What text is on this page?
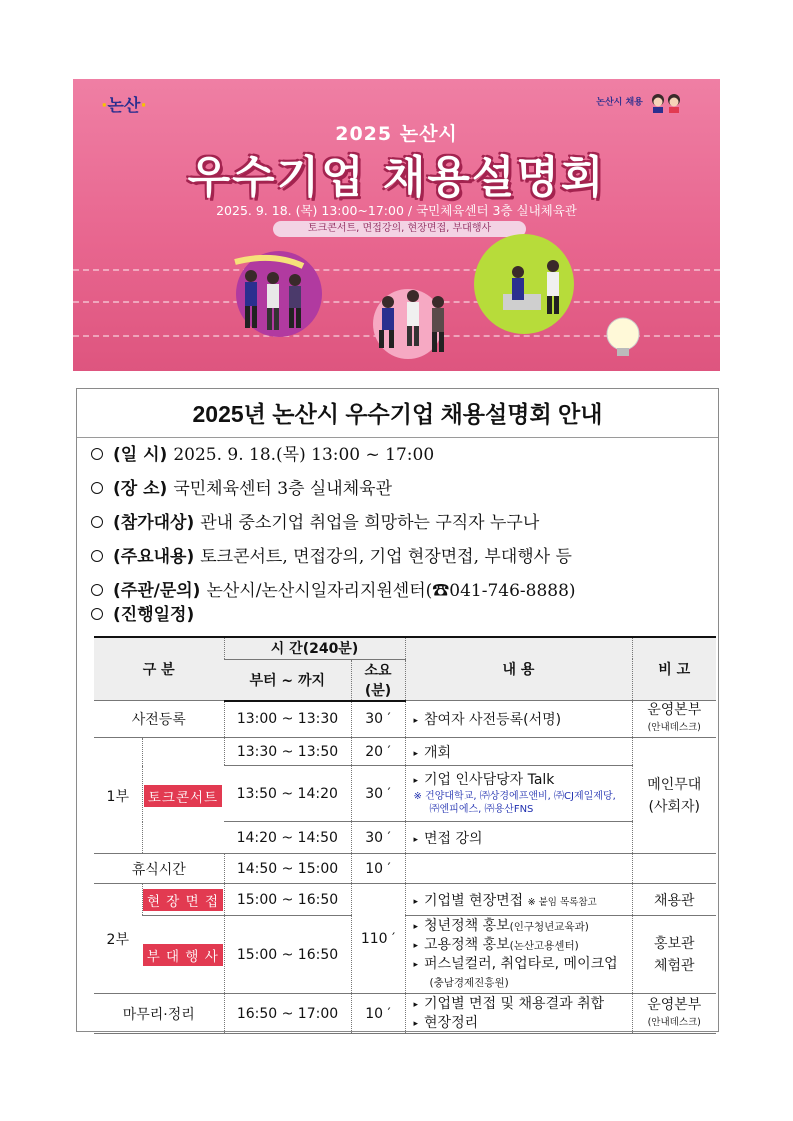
·논산·	논산시 채용
2025 논산시
우수기업 채용설명회
2025. 9. 18. (목) 13:00~17:00 / 국민체육센터 3층 실내체육관
토크콘서트, 면접강의, 현장면접, 부대행사
2025년 논산시 우수기업 채용설명회 안내
(일 시) 2025. 9. 18.(목) 13:00 ~ 17:00
(장 소) 국민체육센터 3층 실내체육관
(참가대상) 관내 중소기업 취업을 희망하는 구직자 누구나
(주요내용) 토크콘서트, 면접강의, 기업 현장면접, 부대행사 등
(주관/문의) 논산시/논산시일자리지원센터(☎041-746-8888)
(진행일정)
구 분		시 간(240분)		내 용	비 고
		부터 ~ 까지	소요(분)		
사전등록		13:00 ~ 13:30	30 ′	▸ 참여자 사전등록(서명)	운영본부
(안내데스크)

1부	토크콘서트	13:30 ~ 13:50	20 ′	▸ 개회	메인무대
(사회자)

		13:50 ~ 14:20	30 ′	▸ 기업 인사담당자 Talk
※ 건양대학교, ㈜상경에프앤비, ㈜CJ제일제당,
㈜엔피에스, ㈜용산FNS	

		14:20 ~ 14:50	30 ′	▸ 면접 강의	
휴식시간		14:50 ~ 15:00	10 ′		
2부	현 장 면 접	15:00 ~ 16:50	110 ′	▸ 기업별 현장면접 ※ 붙임 목록참고	채용관
	부 대 행 사	15:00 ~ 16:50		▸ 청년정책 홍보(인구청년교육과)
▸ 고용정책 홍보(논산고용센터)
▸ 퍼스널컬러, 취업타로, 메이크업
(충남경제진흥원)	홍보관
체험관

마무리·정리		16:50 ~ 17:00	10 ′	▸ 기업별 면접 및 채용결과 취합
▸ 현장정리	운영본부
(안내데스크)
